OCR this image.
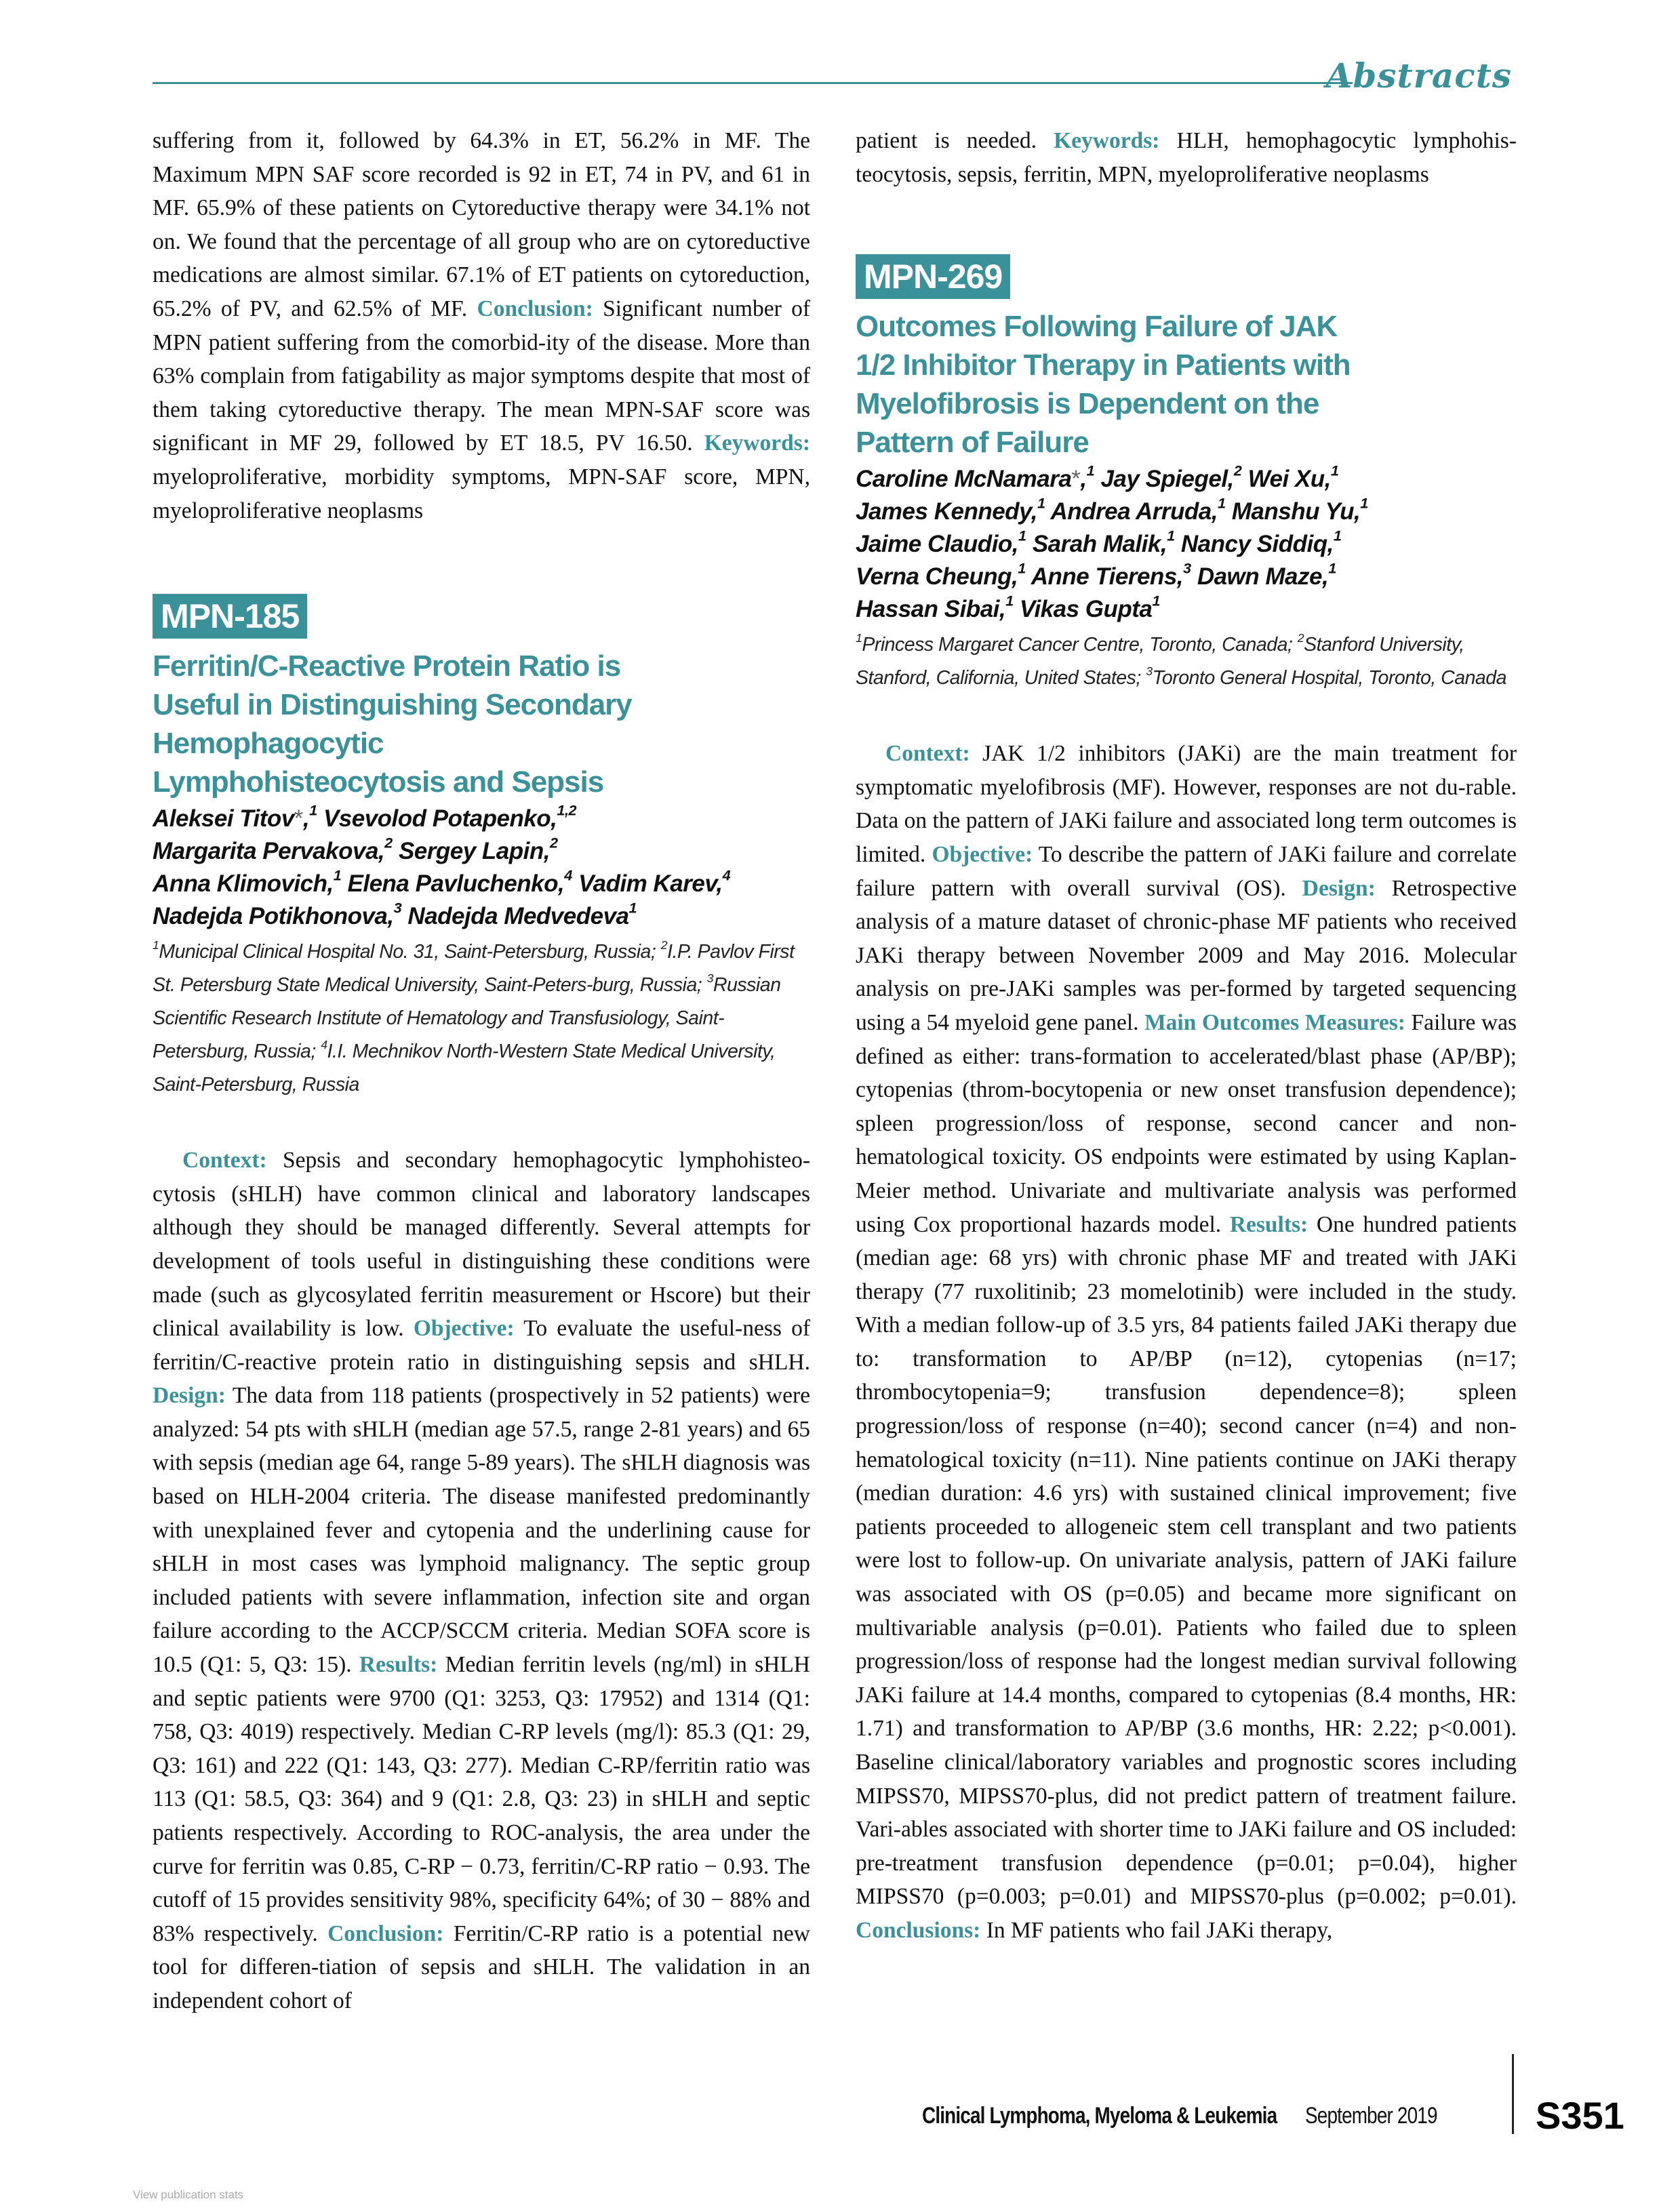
Abstracts

suffering from it, followed by 64.3% in ET, 56.2% in MF. The Maximum MPN SAF score recorded is 92 in ET, 74 in PV, and 61 in MF. 65.9% of these patients on Cytoreductive therapy were 34.1% not on. We found that the percentage of all group who are on cytoreductive medications are almost similar. 67.1% of ET patients on cytoreduction, 65.2% of PV, and 62.5% of MF. Conclusion: Significant number of MPN patient suffering from the comorbid-ity of the disease. More than 63% complain from fatigability as major symptoms despite that most of them taking cytoreductive therapy. The mean MPN-SAF score was significant in MF 29, followed by ET 18.5, PV 16.50. Keywords: myeloproliferative, morbidity symptoms, MPN-SAF score, MPN, myeloproliferative neoplasms

MPN-185
Ferritin/C-Reactive Protein Ratio is
Useful in Distinguishing Secondary
Hemophagocytic
Lymphohisteocytosis and Sepsis

Aleksei Titov*,$^1$ Vsevolod Potapenko,$^{1,2}$
Margarita Pervakova,$^2$ Sergey Lapin,$^2$
Anna Klimovich,$^1$ Elena Pavluchenko,$^4$ Vadim Karev,$^4$
Nadejda Potikhonova,$^3$ Nadejda Medvedeva$^1$

$^1$Municipal Clinical Hospital No. 31, Saint-Petersburg, Russia; $^2$I.P. Pavlov First St. Petersburg State Medical University, Saint-Peters-burg, Russia; $^3$Russian Scientific Research Institute of Hematology and Transfusiology, Saint-Petersburg, Russia; $^4$I.I. Mechnikov North-Western State Medical University, Saint-Petersburg, Russia

Context: Sepsis and secondary hemophagocytic lymphohisteo-cytosis (sHLH) have common clinical and laboratory landscapes although they should be managed differently. Several attempts for development of tools useful in distinguishing these conditions were made (such as glycosylated ferritin measurement or Hscore) but their clinical availability is low. Objective: To evaluate the useful-ness of ferritin/C-reactive protein ratio in distinguishing sepsis and sHLH. Design: The data from 118 patients (prospectively in 52 patients) were analyzed: 54 pts with sHLH (median age 57.5, range 2-81 years) and 65 with sepsis (median age 64, range 5-89 years). The sHLH diagnosis was based on HLH-2004 criteria. The disease manifested predominantly with unexplained fever and cytopenia and the underlining cause for sHLH in most cases was lymphoid malignancy. The septic group included patients with severe inflammation, infection site and organ failure according to the ACCP/SCCM criteria. Median SOFA score is 10.5 (Q1: 5, Q3: 15). Results: Median ferritin levels (ng/ml) in sHLH and septic patients were 9700 (Q1: 3253, Q3: 17952) and 1314 (Q1: 758, Q3: 4019) respectively. Median C-RP levels (mg/l): 85.3 (Q1: 29, Q3: 161) and 222 (Q1: 143, Q3: 277). Median C-RP/ferritin ratio was 113 (Q1: 58.5, Q3: 364) and 9 (Q1: 2.8, Q3: 23) in sHLH and septic patients respectively. According to ROC-analysis, the area under the curve for ferritin was 0.85, C-RP − 0.73, ferritin/C-RP ratio − 0.93. The cutoff of 15 provides sensitivity 98%, specificity 64%; of 30 − 88% and 83% respectively. Conclusion: Ferritin/C-RP ratio is a potential new tool for differen-tiation of sepsis and sHLH. The validation in an independent cohort of

patient is needed. Keywords: HLH, hemophagocytic lymphohis-teocytosis, sepsis, ferritin, MPN, myeloproliferative neoplasms

MPN-269
Outcomes Following Failure of JAK
1/2 Inhibitor Therapy in Patients with
Myelofibrosis is Dependent on the
Pattern of Failure

Caroline McNamara*,$^1$ Jay Spiegel,$^2$ Wei Xu,$^1$
James Kennedy,$^1$ Andrea Arruda,$^1$ Manshu Yu,$^1$
Jaime Claudio,$^1$ Sarah Malik,$^1$ Nancy Siddiq,$^1$
Verna Cheung,$^1$ Anne Tierens,$^3$ Dawn Maze,$^1$
Hassan Sibai,$^1$ Vikas Gupta$^1$

$^1$Princess Margaret Cancer Centre, Toronto, Canada; $^2$Stanford University, Stanford, California, United States; $^3$Toronto General Hospital, Toronto, Canada

Context: JAK 1/2 inhibitors (JAKi) are the main treatment for symptomatic myelofibrosis (MF). However, responses are not du-rable. Data on the pattern of JAKi failure and associated long term outcomes is limited. Objective: To describe the pattern of JAKi failure and correlate failure pattern with overall survival (OS). Design: Retrospective analysis of a mature dataset of chronic-phase MF patients who received JAKi therapy between November 2009 and May 2016. Molecular analysis on pre-JAKi samples was per-formed by targeted sequencing using a 54 myeloid gene panel. Main Outcomes Measures: Failure was defined as either: trans-formation to accelerated/blast phase (AP/BP); cytopenias (throm-bocytopenia or new onset transfusion dependence); spleen progression/loss of response, second cancer and non-hematological toxicity. OS endpoints were estimated by using Kaplan-Meier method. Univariate and multivariate analysis was performed using Cox proportional hazards model. Results: One hundred patients (median age: 68 yrs) with chronic phase MF and treated with JAKi therapy (77 ruxolitinib; 23 momelotinib) were included in the study. With a median follow-up of 3.5 yrs, 84 patients failed JAKi therapy due to: transformation to AP/BP (n=12), cytopenias (n=17; thrombocytopenia=9; transfusion dependence=8); spleen progression/loss of response (n=40); second cancer (n=4) and non-hematological toxicity (n=11). Nine patients continue on JAKi therapy (median duration: 4.6 yrs) with sustained clinical improvement; five patients proceeded to allogeneic stem cell transplant and two patients were lost to follow-up. On univariate analysis, pattern of JAKi failure was associated with OS (p=0.05) and became more significant on multivariable analysis (p=0.01). Patients who failed due to spleen progression/loss of response had the longest median survival following JAKi failure at 14.4 months, compared to cytopenias (8.4 months, HR: 1.71) and transformation to AP/BP (3.6 months, HR: 2.22; p<0.001). Baseline clinical/laboratory variables and prognostic scores including MIPSS70, MIPSS70-plus, did not predict pattern of treatment failure. Vari-ables associated with shorter time to JAKi failure and OS included: pre-treatment transfusion dependence (p=0.01; p=0.04), higher MIPSS70 (p=0.003; p=0.01) and MIPSS70-plus (p=0.002; p=0.01). Conclusions: In MF patients who fail JAKi therapy,

Clinical Lymphoma, Myeloma & Leukemia September 2019	S351
View publication stats
